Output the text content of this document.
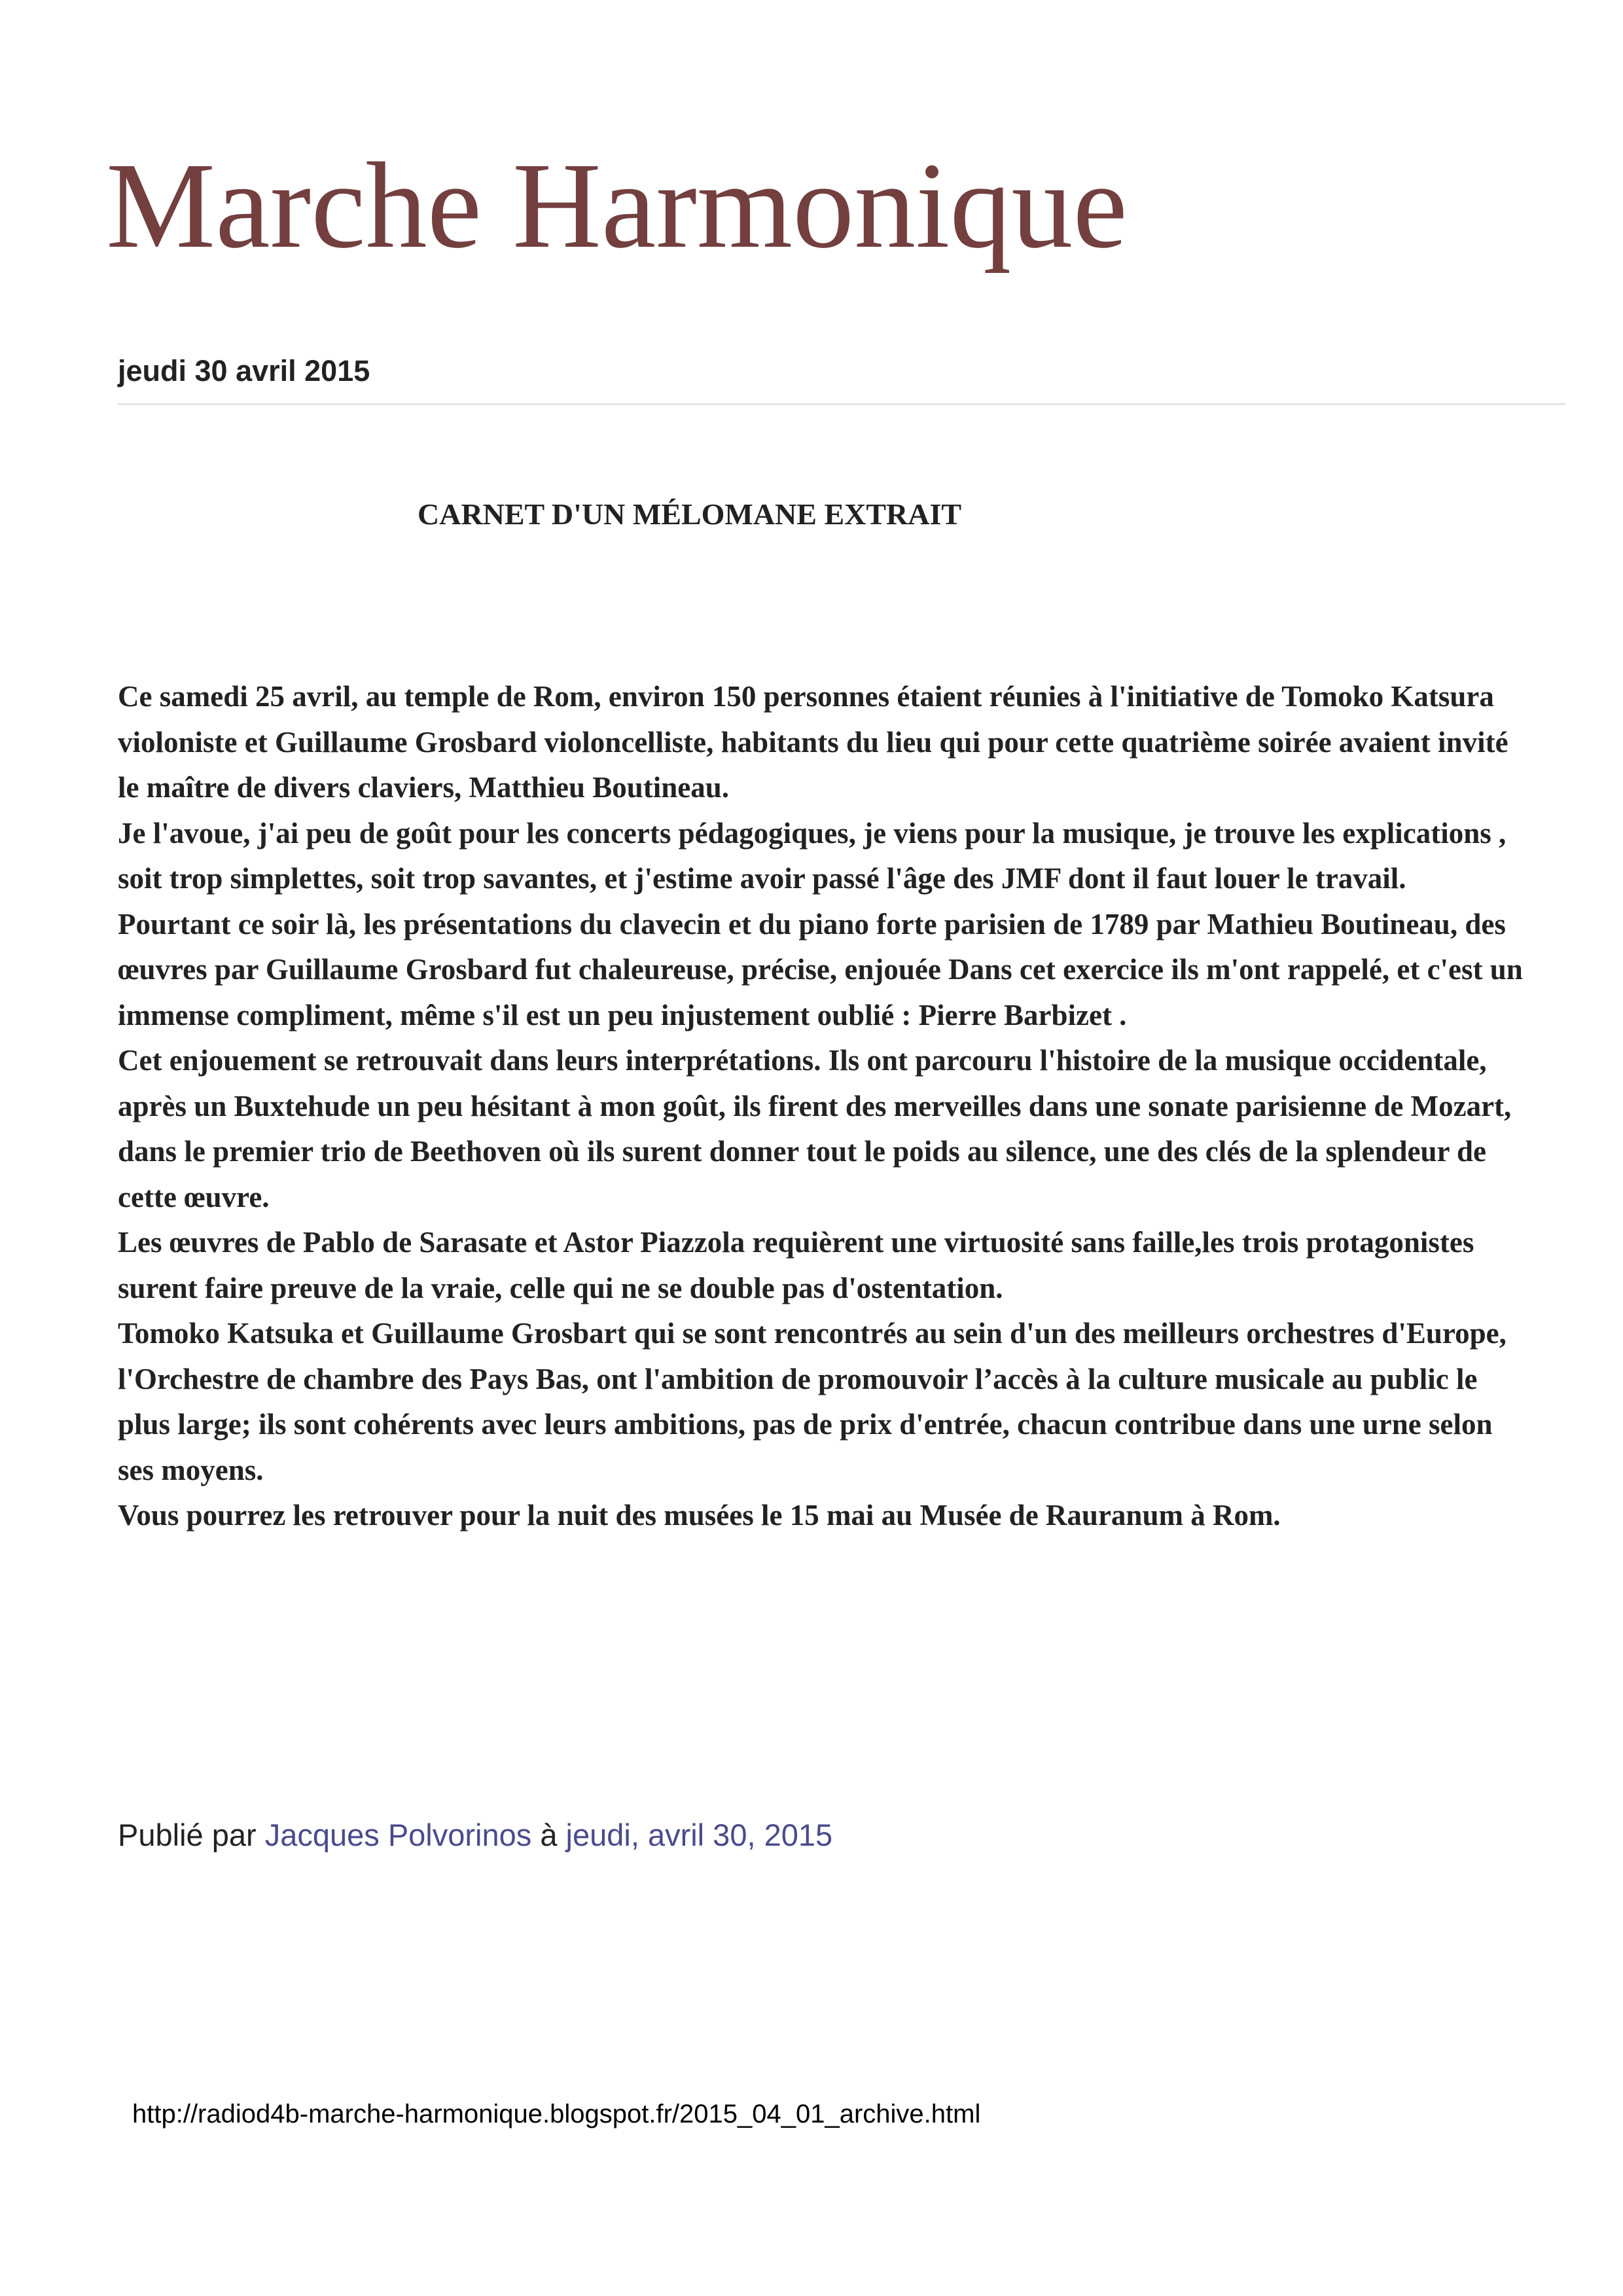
Marche Harmonique
jeudi 30 avril 2015
CARNET D'UN MÉLOMANE EXTRAIT

Ce samedi 25 avril, au temple de Rom, environ 150 personnes étaient réunies à l'initiative de Tomoko Katsura violoniste et Guillaume Grosbard violoncelliste, habitants du lieu qui pour cette quatrième soirée avaient invité le maître de divers claviers, Matthieu Boutineau.

Je l'avoue, j'ai peu de goût pour les concerts pédagogiques, je viens pour la musique, je trouve les explications , soit trop simplettes, soit trop savantes, et j'estime avoir passé l'âge des JMF dont il faut louer le travail.

Pourtant ce soir là, les présentations du clavecin et du piano forte parisien de 1789 par Mathieu Boutineau, des œuvres par Guillaume Grosbard fut chaleureuse, précise, enjouée Dans cet exercice ils m'ont rappelé, et c'est un immense compliment, même s'il est un peu injustement oublié : Pierre Barbizet .

Cet enjouement se retrouvait dans leurs interprétations. Ils ont parcouru l'histoire de la musique occidentale, après un Buxtehude un peu hésitant à mon goût, ils firent des merveilles dans une sonate parisienne de Mozart, dans le premier trio de Beethoven où ils surent donner tout le poids au silence, une des clés de la splendeur de cette œuvre.

Les œuvres de Pablo de Sarasate et Astor Piazzola requièrent une virtuosité sans faille,les trois protagonistes surent faire preuve de la vraie, celle qui ne se double pas d'ostentation.

Tomoko Katsuka et Guillaume Grosbart qui se sont rencontrés au sein d'un des meilleurs orchestres d'Europe, l'Orchestre de chambre des Pays Bas, ont l'ambition de promouvoir l’accès à la culture musicale au public le plus large; ils sont cohérents avec leurs ambitions, pas de prix d'entrée, chacun contribue dans une urne selon ses moyens.

Vous pourrez les retrouver pour la nuit des musées le 15 mai au Musée de Rauranum à Rom.

Publié par Jacques Polvorinos à jeudi, avril 30, 2015
http://radiod4b-marche-harmonique.blogspot.fr/2015_04_01_archive.html
